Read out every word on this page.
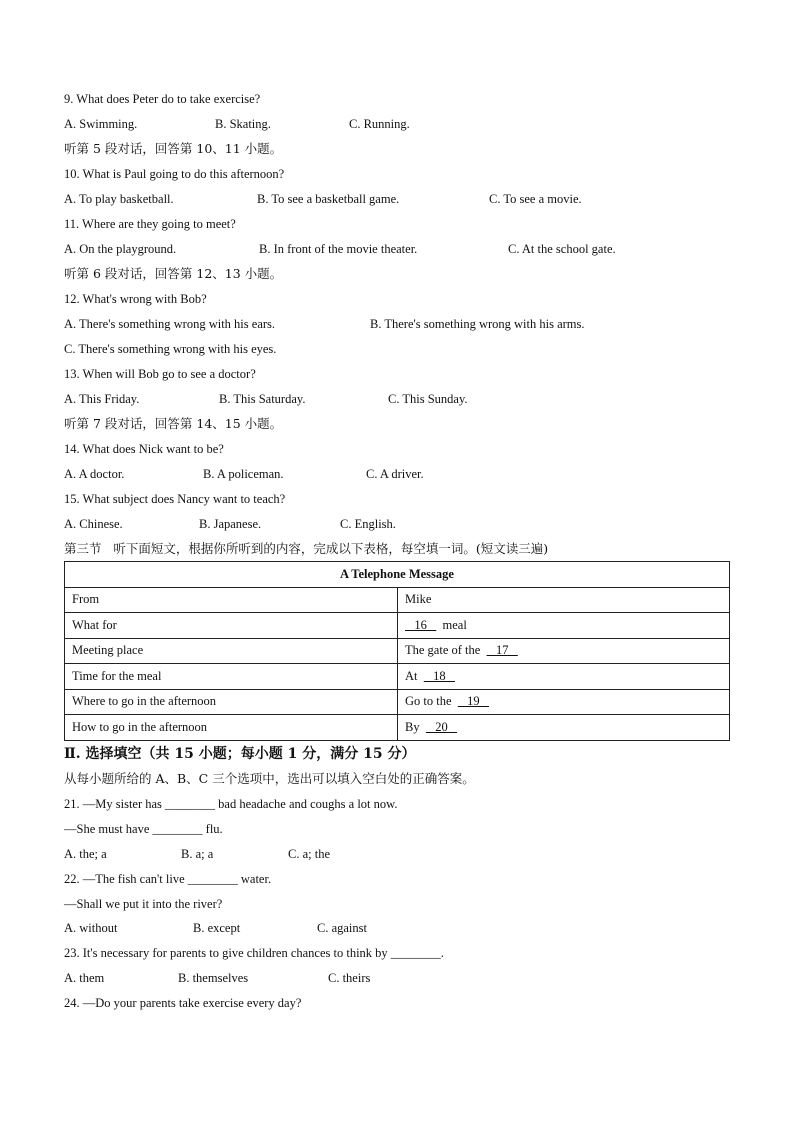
9. What does Peter do to take exercise?
A. Swimming.	B. Skating.	C. Running.
听第 5 段对话，回答第 10、11 小题。
10. What is Paul going to do this afternoon?
A. To play basketball.	B. To see a basketball game.	C. To see a movie.
11. Where are they going to meet?
A. On the playground.	B. In front of the movie theater.	C. At the school gate.
听第 6 段对话，回答第 12、13 小题。
12. What's wrong with Bob?
A. There's something wrong with his ears.	B. There's something wrong with his arms.
C. There's something wrong with his eyes.
13. When will Bob go to see a doctor?
A. This Friday.	B. This Saturday.	C. This Sunday.
听第 7 段对话，回答第 14、15 小题。
14. What does Nick want to be?
A. A doctor.	B. A policeman.	C. A driver.
15. What subject does Nancy want to teach?
A. Chinese.	B. Japanese.	C. English.
第三节   听下面短文，根据你所听到的内容，完成以下表格，每空填一词。(短文读三遍)
A Telephone Message	
From	Mike
What for	16     meal
Meeting place	The gate of the     17
Time for the meal	At     18
Where to go in the afternoon	Go to the     19
How to go in the afternoon	By     20
Ⅱ. 选择填空（共 15 小题；每小题 1 分，满分 15 分）
从每小题所给的 A、B、C 三个选项中，选出可以填入空白处的正确答案。
21. —My sister has ________ bad headache and coughs a lot now.
—She must have ________ flu.
A. the; a	B. a; a	C. a; the
22. —The fish can't live ________ water.
—Shall we put it into the river?
A. without	B. except	C. against
23. It's necessary for parents to give children chances to think by ________.
A. them	B. themselves	C. theirs
24. —Do your parents take exercise every day?
